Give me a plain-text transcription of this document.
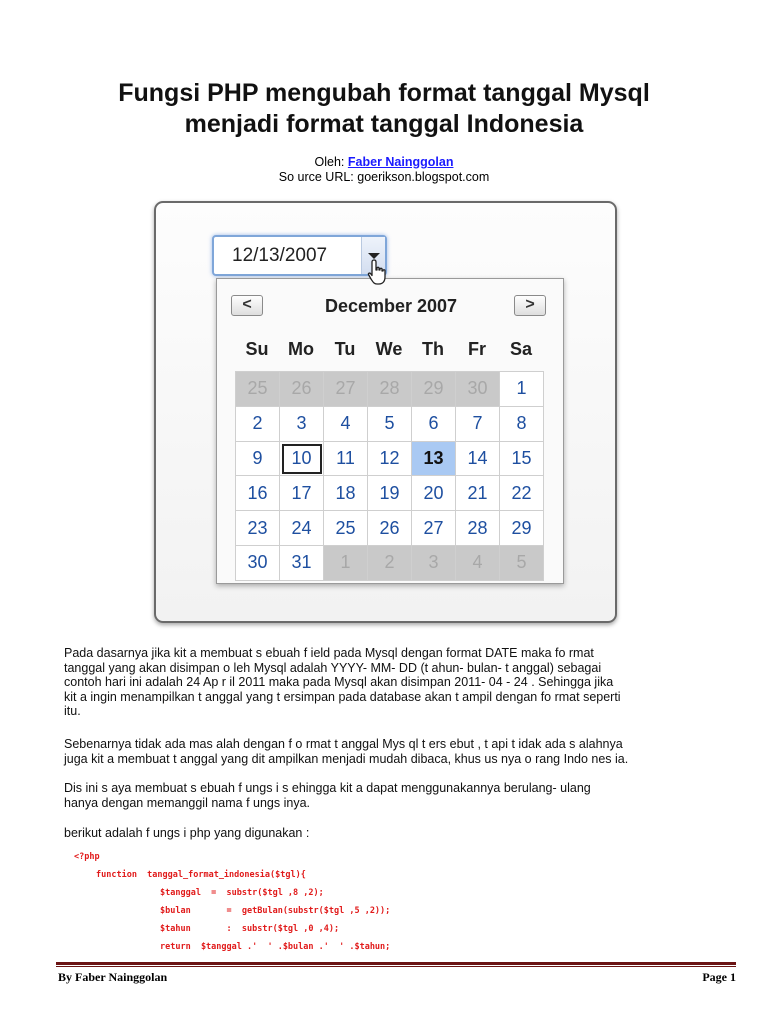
Fungsi PHP mengubah format tanggal Mysql
menjadi format tanggal Indonesia
Oleh: Faber Nainggolan
So urce URL: goerikson.blogspot.com
12/13/2007
<	December 2007	>
Su	Mo	Tu	We	Th	Fr	Sa
25	26	27	28	29	30	1
2	3	4	5	6	7	8
9	10	11	12	13	14	15
16	17	18	19	20	21	22
23	24	25	26	27	28	29
30	31	1	2	3	4	5
Pada dasarnya jika kit a membuat s ebuah f ield pada Mysql dengan format DATE maka fo rmat
tanggal yang akan disimpan o leh Mysql adalah YYYY- MM- DD (t ahun- bulan- t anggal) sebagai
contoh hari ini adalah 24 Ap r il 2011 maka pada Mysql akan disimpan 2011- 04 - 24 . Sehingga jika
kit a ingin menampilkan t anggal yang t ersimpan pada database akan t ampil dengan fo rmat seperti
itu.
Sebenarnya tidak ada mas alah dengan f o rmat t anggal Mys ql t ers ebut , t api t idak ada s alahnya
juga kit a membuat t anggal yang dit ampilkan menjadi mudah dibaca, khus us nya o rang Indo nes ia.
Dis ini s aya membuat s ebuah f ungs i s ehingga kit a dapat menggunakannya berulang- ulang
hanya dengan memanggil nama f ungs inya.
berikut adalah f ungs i php yang digunakan :
<?php
function  tanggal_format_indonesia($tgl){
$tanggal  =  substr($tgl ,8 ,2);
$bulan       =  getBulan(substr($tgl ,5 ,2));
$tahun       :  substr($tgl ,0 ,4);
return  $tanggal .'  ' .$bulan .'  ' .$tahun;
By Faber Nainggolan	Page 1
